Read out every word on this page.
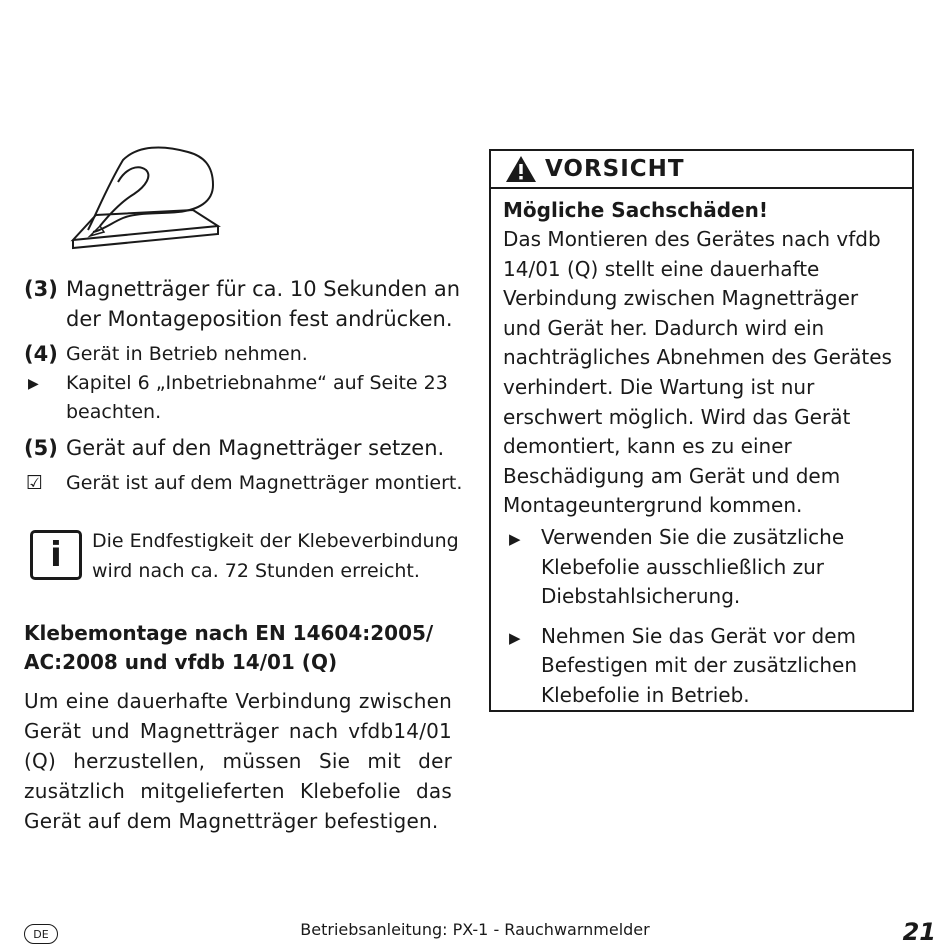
(3) Magnetträger für ca. 10 Sekunden an der Montageposition fest andrücken.
(4) Gerät in Betrieb nehmen.
▶	Kapitel 6 „Inbetriebnahme“ auf Seite 23 beachten.
(5) Gerät auf den Magnetträger setzen.
☑	Gerät ist auf dem Magnetträger montiert.
i Die Endfestigkeit der Klebeverbindung wird nach ca. 72 Stunden erreicht.
Klebemontage nach EN 14604:2005/ AC:2008 und vfdb 14/01 (Q)
Um eine dauerhafte Verbindung zwischen Gerät und Magnetträger nach vfdb14/01 (Q) herzustellen, müssen Sie mit der zusätzlich mitgelieferten Klebefolie das Gerät auf dem Magnetträger befestigen.
VORSICHT
Mögliche Sachschäden!
Das Montieren des Gerätes nach vfdb 14/01 (Q) stellt eine dauerhafte Verbindung zwischen Magnetträger und Gerät her. Dadurch wird ein nachträgliches Abnehmen des Gerätes verhindert. Die Wartung ist nur erschwert möglich. Wird das Gerät demontiert, kann es zu einer Beschädigung am Gerät und dem Montageuntergrund kommen.
▶	Verwenden Sie die zusätzliche Klebefolie ausschließlich zur Diebstahlsicherung.
▶	Nehmen Sie das Gerät vor dem Befestigen mit der zusätzlichen Klebefolie in Betrieb.
DE	Betriebsanleitung: PX-1 - Rauchwarnmelder	21
